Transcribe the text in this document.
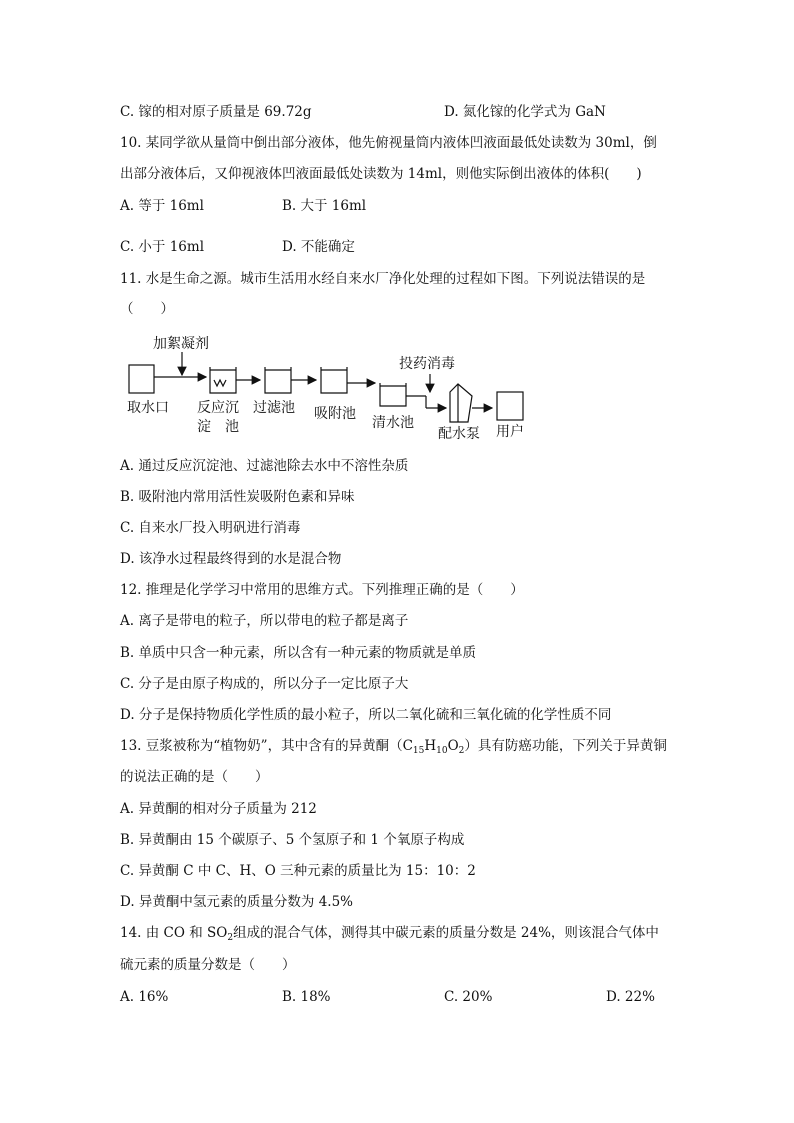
C. 镓的相对原子质量是 69.72g	D. 氮化镓的化学式为 GaN
10. 某同学欲从量筒中倒出部分液体，他先俯视量筒内液体凹液面最低处读数为 30ml，倒
出部分液体后，又仰视液体凹液面最低处读数为 14ml，则他实际倒出液体的体积(　　)
A. 等于 16ml	B. 大于 16ml
C. 小于 16ml	D. 不能确定
11. 水是生命之源。城市生活用水经自来水厂净化处理的过程如下图。下列说法错误的是
（　　）
加絮凝剂
投药消毒
取水口 反应沉
淀　池
过滤池 吸附池
清水池
配水泵 用户
A. 通过反应沉淀池、过滤池除去水中不溶性杂质
B. 吸附池内常用活性炭吸附色素和异味
C. 自来水厂投入明矾进行消毒
D. 该净水过程最终得到的水是混合物
12. 推理是化学学习中常用的思维方式。下列推理正确的是（　　）
A. 离子是带电的粒子，所以带电的粒子都是离子
B. 单质中只含一种元素，所以含有一种元素的物质就是单质
C. 分子是由原子构成的，所以分子一定比原子大
D. 分子是保持物质化学性质的最小粒子，所以二氧化硫和三氧化硫的化学性质不同
13. 豆浆被称为“植物奶”，其中含有的异黄酮$(C_{15}H_{10}O_2)$具有防癌功能，下列关于异黄铜
的说法正确的是（　　）
A. 异黄酮的相对分子质量为 212
B. 异黄酮由 15 个碳原子、5 个氢原子和 1 个氧原子构成
C. 异黄酮 C 中 C、H、O 三种元素的质量比为 15：10：2
D. 异黄酮中氢元素的质量分数为 4.5%
14. 由 CO 和 $SO_2$组成的混合气体，测得其中碳元素的质量分数是 24%，则该混合气体中
硫元素的质量分数是（　　）
A. 16%	B. 18%	C. 20%	D. 22%
